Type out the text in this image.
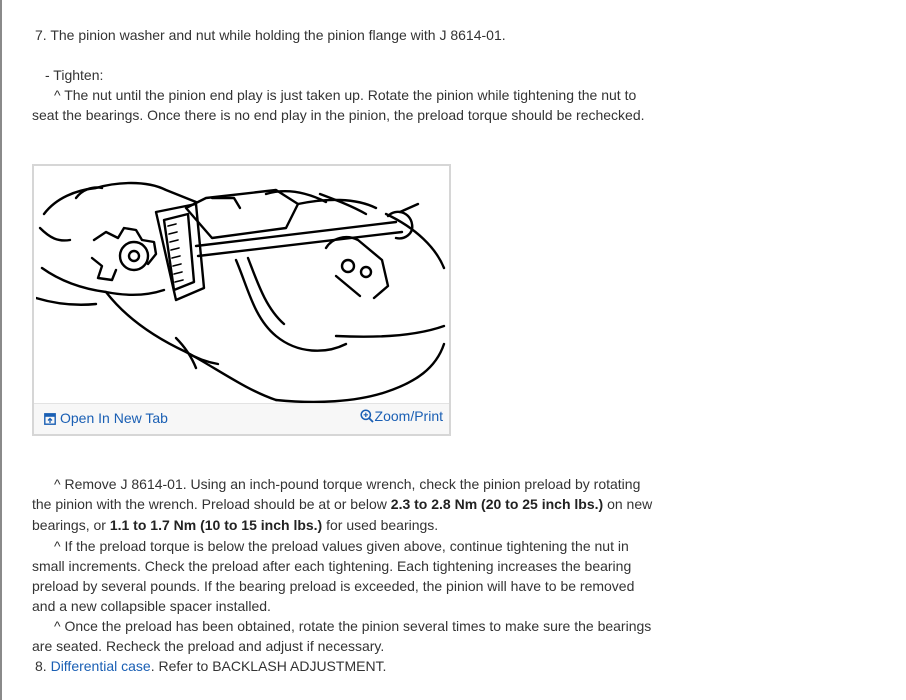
7. The pinion washer and nut while holding the pinion flange with J 8614-01.
- Tighten:
^ The nut until the pinion end play is just taken up. Rotate the pinion while tightening the nut to
seat the bearings. Once there is no end play in the pinion, the preload torque should be rechecked.
Open In New Tab	Zoom/Print
^ Remove J 8614-01. Using an inch-pound torque wrench, check the pinion preload by rotating
the pinion with the wrench. Preload should be at or below 2.3 to 2.8 Nm (20 to 25 inch lbs.) on new
bearings, or 1.1 to 1.7 Nm (10 to 15 inch lbs.) for used bearings.
^ If the preload torque is below the preload values given above, continue tightening the nut in
small increments. Check the preload after each tightening. Each tightening increases the bearing
preload by several pounds. If the bearing preload is exceeded, the pinion will have to be removed
and a new collapsible spacer installed.
^ Once the preload has been obtained, rotate the pinion several times to make sure the bearings
are seated. Recheck the preload and adjust if necessary.
8. Differential case. Refer to BACKLASH ADJUSTMENT.
